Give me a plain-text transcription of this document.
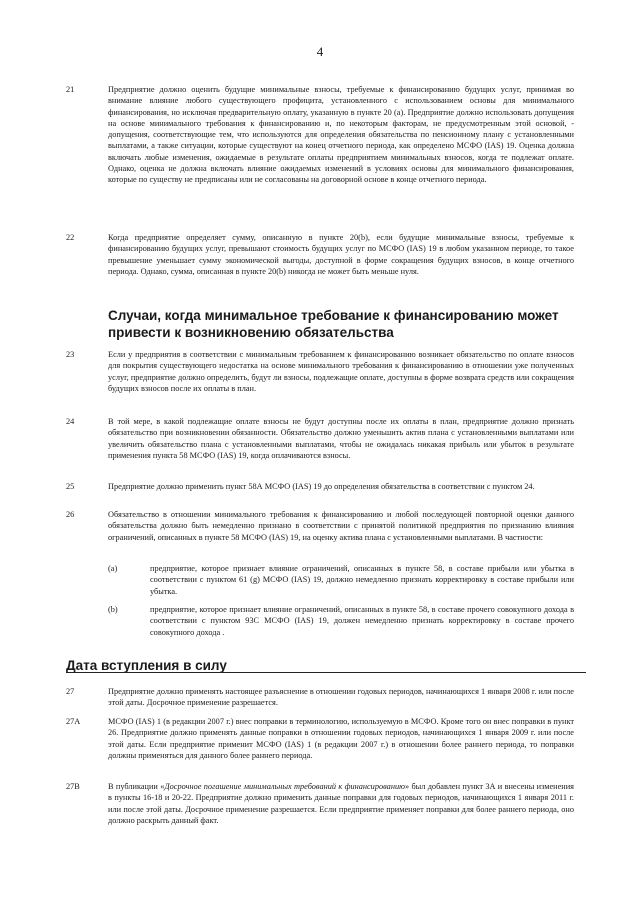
4
21	Предприятие должно оценить будущие минимальные взносы, требуемые к финансированию будущих услуг, принимая во внимание влияние любого существующего профицита, установленного с использованием основы для минимального финансирования, но исключая предварительную оплату, указанную в пункте 20 (а). Предприятие должно использовать допущения на основе минимального требования к финансированию и, по некоторым факторам, не предусмотренным этой основой, - допущения, соответствующие тем, что используются для определения обязательства по пенсионному плану с установленными выплатами, а также ситуации, которые существуют на конец отчетного периода, как определено МСФО (IAS) 19. Оценка должна включать любые изменения, ожидаемые в результате оплаты предприятием минимальных взносов, когда те подлежат оплате. Однако, оценка не должна включать влияние ожидаемых изменений в условиях основы для минимального финансирования, которые по существу не предписаны или не согласованы на договорной основе в конце отчетного периода.
22	Когда предприятие определяет сумму, описанную в пункте 20(b), если будущие минимальные взносы, требуемые к финансированию будущих услуг, превышают стоимость будущих услуг по МСФО (IAS) 19 в любом указанном периоде, то такое превышение уменьшает сумму экономической выгоды, доступной в форме сокращения будущих взносов, в конце отчетного периода. Однако, сумма, описанная в пункте 20(b) никогда не может быть меньше нуля.
Случаи, когда минимальное требование к финансированию может привести к возникновению обязательства
23	Если у предприятия в соответствии с минимальным требованием к финансированию возникает обязательство по оплате взносов для покрытия существующего недостатка на основе минимального требования к финансированию в отношении уже полученных услуг, предприятие должно определить, будут ли взносы, подлежащие оплате, доступны в форме возврата средств или сокращения будущих взносов после их оплаты в план.
24	В той мере, в какой подлежащие оплате взносы не будут доступны после их оплаты в план, предприятие должно признать обязательство при возникновении обязанности. Обязательство должно уменьшить актив плана с установленными выплатами или увеличить обязательство плана с установленными выплатами, чтобы не ожидалась никакая прибыль или убыток в результате применения пункта 58 МСФО (IAS) 19, когда оплачиваются взносы.
25	Предприятие должно применить пункт 58А МСФО (IAS) 19 до определения обязательства в соответствии с пунктом 24.
26	Обязательство в отношении минимального требования к финансированию и любой последующей повторной оценки данного обязательства должно быть немедленно признано в соответствии с принятой политикой предприятия по признанию влияния ограничений, описанных в пункте 58 МСФО (IAS) 19, на оценку актива плана с установленными выплатами. В частности:
(a)	предприятие, которое признает влияние ограничений, описанных в пункте 58, в составе прибыли или убытка в соответствии с пунктом 61 (g) МСФО (IAS) 19, должно немедленно признать корректировку в составе прибыли или убытка.
(b)	предприятие, которое признает влияние ограничений, описанных в пункте 58, в составе прочего совокупного дохода в соответствии с пунктом 93С МСФО (IAS) 19, должен немедленно признать корректировку в составе прочего совокупного дохода .
Дата вступления в силу
27	Предприятие должно применять настоящее разъяснение в отношении годовых периодов, начинающихся 1 января 2008 г. или после этой даты. Досрочное применение разрешается.
27A	МСФО (IAS) 1 (в редакции 2007 г.) внес поправки в терминологию, используемую в МСФО. Кроме того он внес поправки в пункт 26. Предприятие должно применять данные поправки в отношении годовых периодов, начинающихся 1 января 2009 г. или после этой даты. Если предприятие применит МСФО (IAS) 1 (в редакции 2007 г.) в отношении более раннего периода, то поправки должны применяться для данного более раннего периода.
27B	В публикации «Досрочное погашение минимальных требований к финансированию» был добавлен пункт 3А и внесены изменения в пункты 16-18 и 20-22. Предприятие должно применить данные поправки для годовых периодов, начинающихся 1 января 2011 г. или после этой даты. Досрочное применение разрешается. Если предприятие применяет поправки для более раннего периода, оно должно раскрыть данный факт.
